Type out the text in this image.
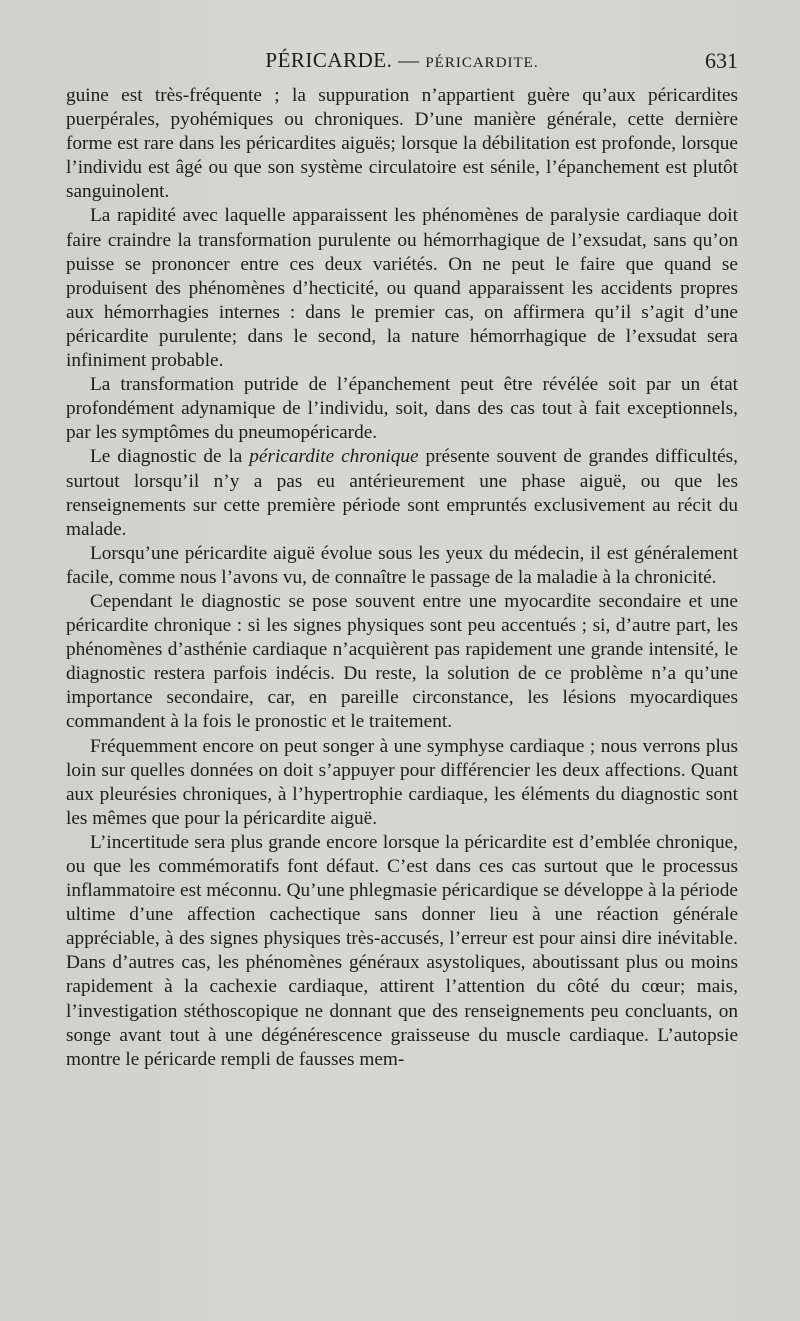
PÉRICARDE. — PÉRICARDITE.	631

guine est très-fréquente ; la suppuration n’appartient guère qu’aux péricardites puerpérales, pyohémiques ou chroniques. D’une manière générale, cette dernière forme est rare dans les péricardites aiguës; lorsque la débilitation est profonde, lorsque l’individu est âgé ou que son système circulatoire est sénile, l’épanchement est plutôt sanguinolent.

La rapidité avec laquelle apparaissent les phénomènes de paralysie cardiaque doit faire craindre la transformation purulente ou hémorrhagique de l’exsudat, sans qu’on puisse se prononcer entre ces deux variétés. On ne peut le faire que quand se produisent des phénomènes d’hecticité, ou quand apparaissent les accidents propres aux hémorrhagies internes : dans le premier cas, on affirmera qu’il s’agit d’une péricardite purulente; dans le second, la nature hémorrhagique de l’exsudat sera infiniment probable.

La transformation putride de l’épanchement peut être révélée soit par un état profondément adynamique de l’individu, soit, dans des cas tout à fait exceptionnels, par les symptômes du pneumopéricarde.

Le diagnostic de la péricardite chronique présente souvent de grandes difficultés, surtout lorsqu’il n’y a pas eu antérieurement une phase aiguë, ou que les renseignements sur cette première période sont empruntés exclusivement au récit du malade.

Lorsqu’une péricardite aiguë évolue sous les yeux du médecin, il est généralement facile, comme nous l’avons vu, de connaître le passage de la maladie à la chronicité.

Cependant le diagnostic se pose souvent entre une myocardite secondaire et une péricardite chronique : si les signes physiques sont peu accentués ; si, d’autre part, les phénomènes d’asthénie cardiaque n’acquièrent pas rapidement une grande intensité, le diagnostic restera parfois indécis. Du reste, la solution de ce problème n’a qu’une importance secondaire, car, en pareille circonstance, les lésions myocardiques commandent à la fois le pronostic et le traitement.

Fréquemment encore on peut songer à une symphyse cardiaque ; nous verrons plus loin sur quelles données on doit s’appuyer pour différencier les deux affections. Quant aux pleurésies chroniques, à l’hypertrophie cardiaque, les éléments du diagnostic sont les mêmes que pour la péricardite aiguë.

L’incertitude sera plus grande encore lorsque la péricardite est d’emblée chronique, ou que les commémoratifs font défaut. C’est dans ces cas surtout que le processus inflammatoire est méconnu. Qu’une phlegmasie péricardique se développe à la période ultime d’une affection cachectique sans donner lieu à une réaction générale appréciable, à des signes physiques très-accusés, l’erreur est pour ainsi dire inévitable. Dans d’autres cas, les phénomènes généraux asystoliques, aboutissant plus ou moins rapidement à la cachexie cardiaque, attirent l’attention du côté du cœur; mais, l’investigation stéthoscopique ne donnant que des renseignements peu concluants, on songe avant tout à une dégénérescence graisseuse du muscle cardiaque. L’autopsie montre le péricarde rempli de fausses mem-
